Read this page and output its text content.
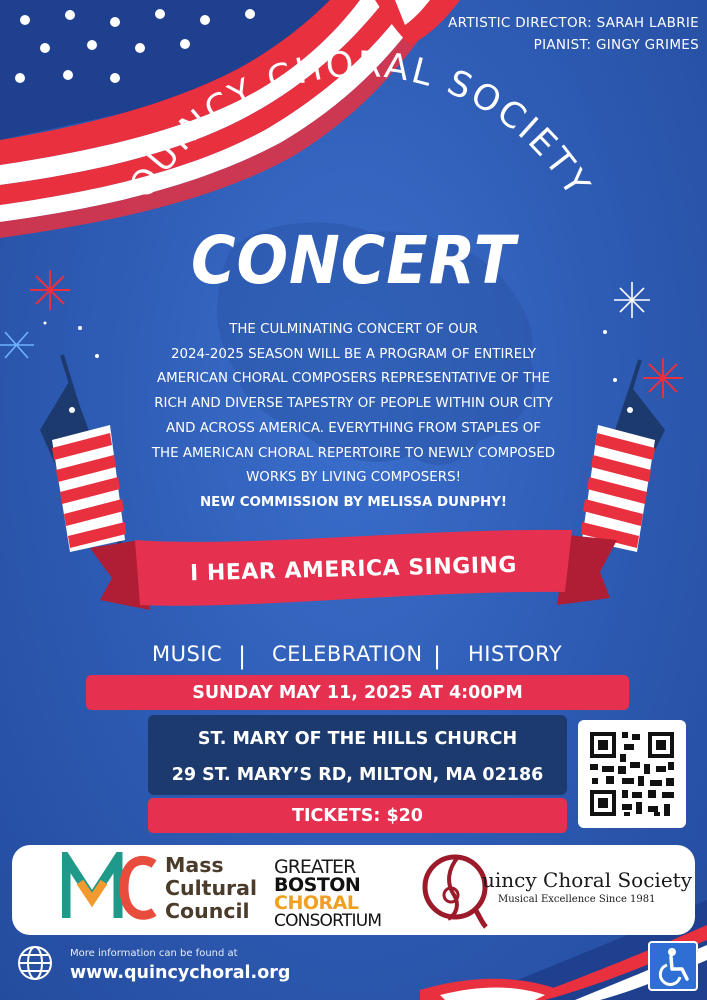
ARTISTIC DIRECTOR: SARAH LABRIE
PIANIST: GINGY GRIMES
QUINCY CHORAL SOCIETY
CONCERT

THE CULMINATING CONCERT OF OUR

2024-2025 SEASON WILL BE A PROGRAM OF ENTIRELY

AMERICAN CHORAL COMPOSERS REPRESENTATIVE OF THE

RICH AND DIVERSE TAPESTRY OF PEOPLE WITHIN OUR CITY

AND ACROSS AMERICA. EVERYTHING FROM STAPLES OF

THE AMERICAN CHORAL REPERTOIRE TO NEWLY COMPOSED

WORKS BY LIVING COMPOSERS!

NEW COMMISSION BY MELISSA DUNPHY!

I HEAR AMERICA SINGING
MUSIC | CELEBRATION | HISTORY
SUNDAY MAY 11, 2025 AT 4:00PM
ST. MARY OF THE HILLS CHURCH
29 ST. MARY’S RD, MILTON, MA 02186
TICKETS: $20
Mass
Cultural
Council
GREATER
BOSTON
CHORAL
CONSORTIUM
uincy Choral Society
Musical Excellence Since 1981
More information can be found at
www.quincychoral.org
